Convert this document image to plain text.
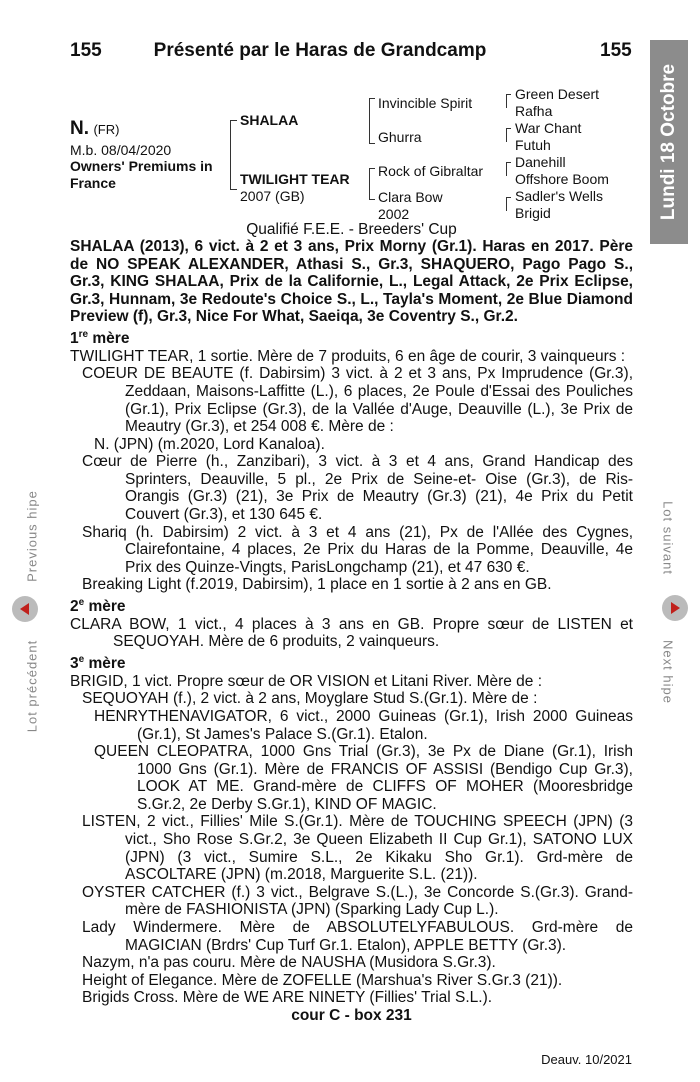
155	Présenté par le Haras de Grandcamp	155
Lundi 18 Octobre
N. (FR)
M.b. 08/04/2020
Owners' Premiums in
France
SHALAA
TWILIGHT TEAR
2007 (GB)
Invincible Spirit
Ghurra
Rock of Gibraltar
Clara Bow
2002
Green Desert
Rafha
War Chant
Futuh
Danehill
Offshore Boom
Sadler's Wells
Brigid
Qualifié F.E.E. - Breeders' Cup

SHALAA (2013), 6 vict. à 2 et 3 ans, Prix Morny (Gr.1). Haras en 2017. Père de NO SPEAK ALEXANDER, Athasi S., Gr.3, SHAQUERO, Pago Pago S., Gr.3, KING SHALAA, Prix de la Californie, L., Legal Attack, 2e Prix Eclipse, Gr.3, Hunnam, 3e Redoute's Choice S., L., Tayla's Moment, 2e Blue Diamond Preview (f), Gr.3, Nice For What, Saeiqa, 3e Coventry S., Gr.2.

1re mère

TWILIGHT TEAR, 1 sortie. Mère de 7 produits, 6 en âge de courir, 3 vainqueurs :

COEUR DE BEAUTE (f. Dabirsim) 3 vict. à 2 et 3 ans, Px Imprudence (Gr.3), Zeddaan, Maisons-Laffitte (L.), 6 places, 2e Poule d'Essai des Pouliches (Gr.1), Prix Eclipse (Gr.3), de la Vallée d'Auge, Deauville (L.), 3e Prix de Meautry (Gr.3), et 254 008 €. Mère de :

N. (JPN) (m.2020, Lord Kanaloa).

Cœur de Pierre (h., Zanzibari), 3 vict. à 3 et 4 ans, Grand Handicap des Sprinters, Deauville, 5 pl., 2e Prix de Seine-et- Oise (Gr.3), de Ris-Orangis (Gr.3) (21), 3e Prix de Meautry (Gr.3) (21), 4e Prix du Petit Couvert (Gr.3), et 130 645 €.

Shariq (h. Dabirsim) 2 vict. à 3 et 4 ans (21), Px de l'Allée des Cygnes, Clairefontaine, 4 places, 2e Prix du Haras de la Pomme, Deauville, 4e Prix des Quinze-Vingts, ParisLongchamp (21), et 47 630 €.

Breaking Light (f.2019, Dabirsim), 1 place en 1 sortie à 2 ans en GB.

2e mère

CLARA BOW, 1 vict., 4 places à 3 ans en GB. Propre sœur de LISTEN et SEQUOYAH. Mère de 6 produits, 2 vainqueurs.

3e mère

BRIGID, 1 vict. Propre sœur de OR VISION et Litani River. Mère de :

SEQUOYAH (f.), 2 vict. à 2 ans, Moyglare Stud S.(Gr.1). Mère de :

HENRYTHENAVIGATOR, 6 vict., 2000 Guineas (Gr.1), Irish 2000 Guineas (Gr.1), St James's Palace S.(Gr.1). Etalon.

QUEEN CLEOPATRA, 1000 Gns Trial (Gr.3), 3e Px de Diane (Gr.1), Irish 1000 Gns (Gr.1). Mère de FRANCIS OF ASSISI (Bendigo Cup Gr.3), LOOK AT ME. Grand-mère de CLIFFS OF MOHER (Mooresbridge S.Gr.2, 2e Derby S.Gr.1), KIND OF MAGIC.

LISTEN, 2 vict., Fillies' Mile S.(Gr.1). Mère de TOUCHING SPEECH (JPN) (3 vict., Sho Rose S.Gr.2, 3e Queen Elizabeth II Cup Gr.1), SATONO LUX (JPN) (3 vict., Sumire S.L., 2e Kikaku Sho Gr.1). Grd-mère de ASCOLTARE (JPN) (m.2018, Marguerite S.L. (21)).

OYSTER CATCHER (f.) 3 vict., Belgrave S.(L.), 3e Concorde S.(Gr.3). Grand-mère de FASHIONISTA (JPN) (Sparking Lady Cup L.).

Lady Windermere. Mère de ABSOLUTELYFABULOUS. Grd-mère de MAGICIAN (Brdrs' Cup Turf Gr.1. Etalon), APPLE BETTY (Gr.3).

Nazym, n'a pas couru. Mère de NAUSHA (Musidora S.Gr.3).

Height of Elegance. Mère de ZOFELLE (Marshua's River S.Gr.3 (21)).

Brigids Cross. Mère de WE ARE NINETY (Fillies' Trial S.L.).

cour C - box 231

Previous hipe
Lot précédent
Lot suivant
Next hipe
Deauv. 10/2021
